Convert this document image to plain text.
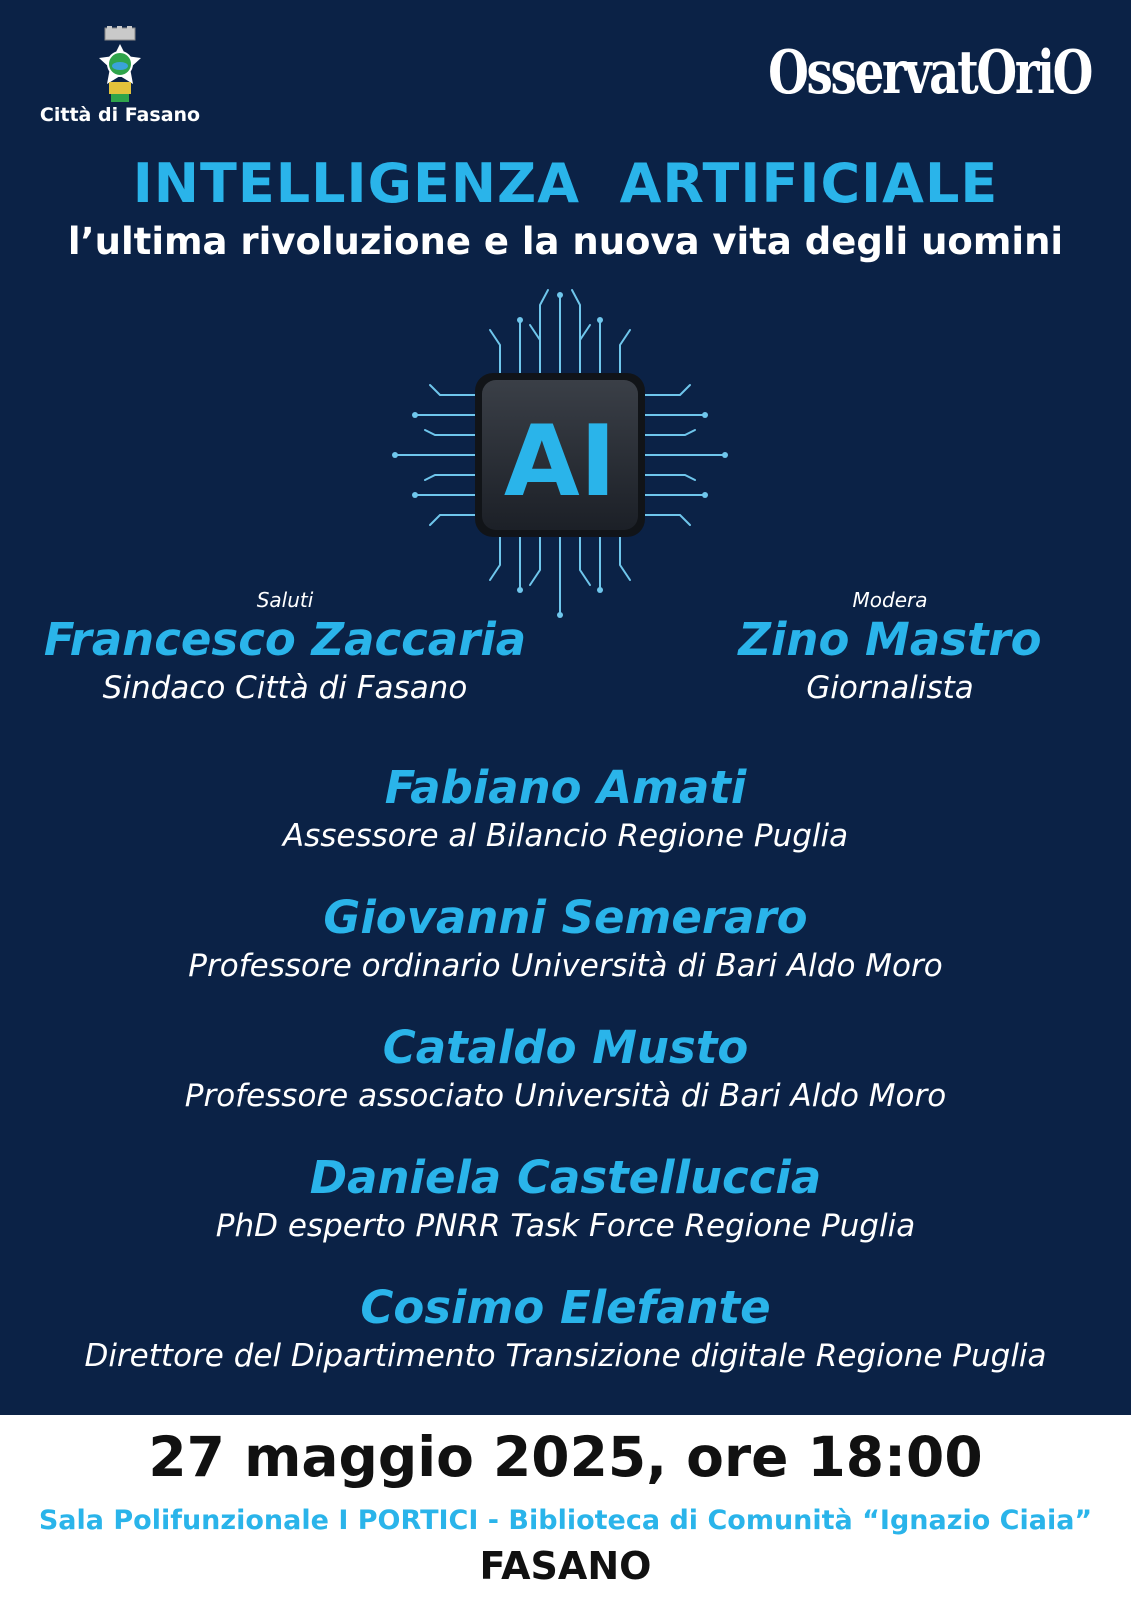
Città di Fasano
OsservatOriO
INTELLIGENZA  ARTIFICIALE
l’ultima rivoluzione e la nuova vita degli uomini
AI
Saluti
Francesco Zaccaria
Sindaco Città di Fasano
Modera
Zino Mastro
Giornalista
Fabiano Amati
Assessore al Bilancio Regione Puglia
Giovanni Semeraro
Professore ordinario Università di Bari Aldo Moro
Cataldo Musto
Professore associato Università di Bari Aldo Moro
Daniela Castelluccia
PhD esperto PNRR Task Force Regione Puglia
Cosimo Elefante
Direttore del Dipartimento Transizione digitale Regione Puglia
27 maggio 2025, ore 18:00
Sala Polifunzionale I PORTICI - Biblioteca di Comunità “Ignazio Ciaia”
FASANO
